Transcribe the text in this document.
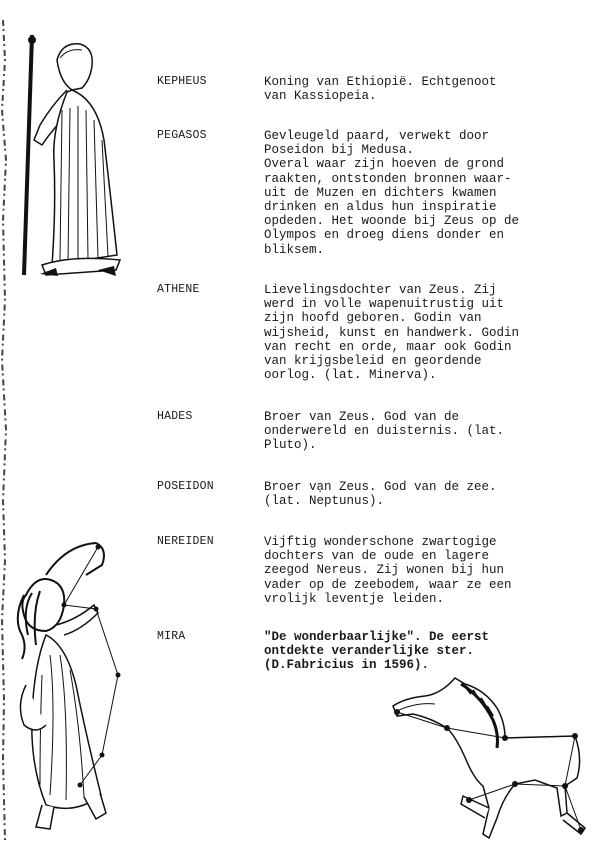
KEPHEUS	Koning van Ethiopië. Echtgenoot
van Kassiopeia.
PEGASOS	Gevleugeld paard, verwekt door
Poseidon bij Medusa.
Overal waar zijn hoeven de grond
raakten, ontstonden bronnen waar-
uit de Muzen en dichters kwamen
drinken en aldus hun inspiratie
opdeden. Het woonde bij Zeus op de
Olympos en droeg diens donder en
bliksem.
ATHENE	Lievelingsdochter van Zeus. Zij
werd in volle wapenuitrustig uit
zijn hoofd geboren. Godin van
wijsheid, kunst en handwerk. Godin
van recht en orde, maar ook Godin
van krijgsbeleid en geordende
oorlog. (lat. Minerva).
HADES	Broer van Zeus. God van de
onderwereld en duisternis. (lat.
Pluto).
POSEIDON	Broer vạn Zeus. God van de zee.
(lat. Neptunus).
NEREIDEN	Vijftig wonderschone zwartogige
dochters van de oude en lagere
zeegod Nereus. Zij wonen bij hun
vader op de zeebodem, waar ze een
vrolijk leventje leiden.
MIRA	"De wonderbaarlijke". De eerst
ontdekte veranderlijke ster.
(D.Fabricius in 1596).
